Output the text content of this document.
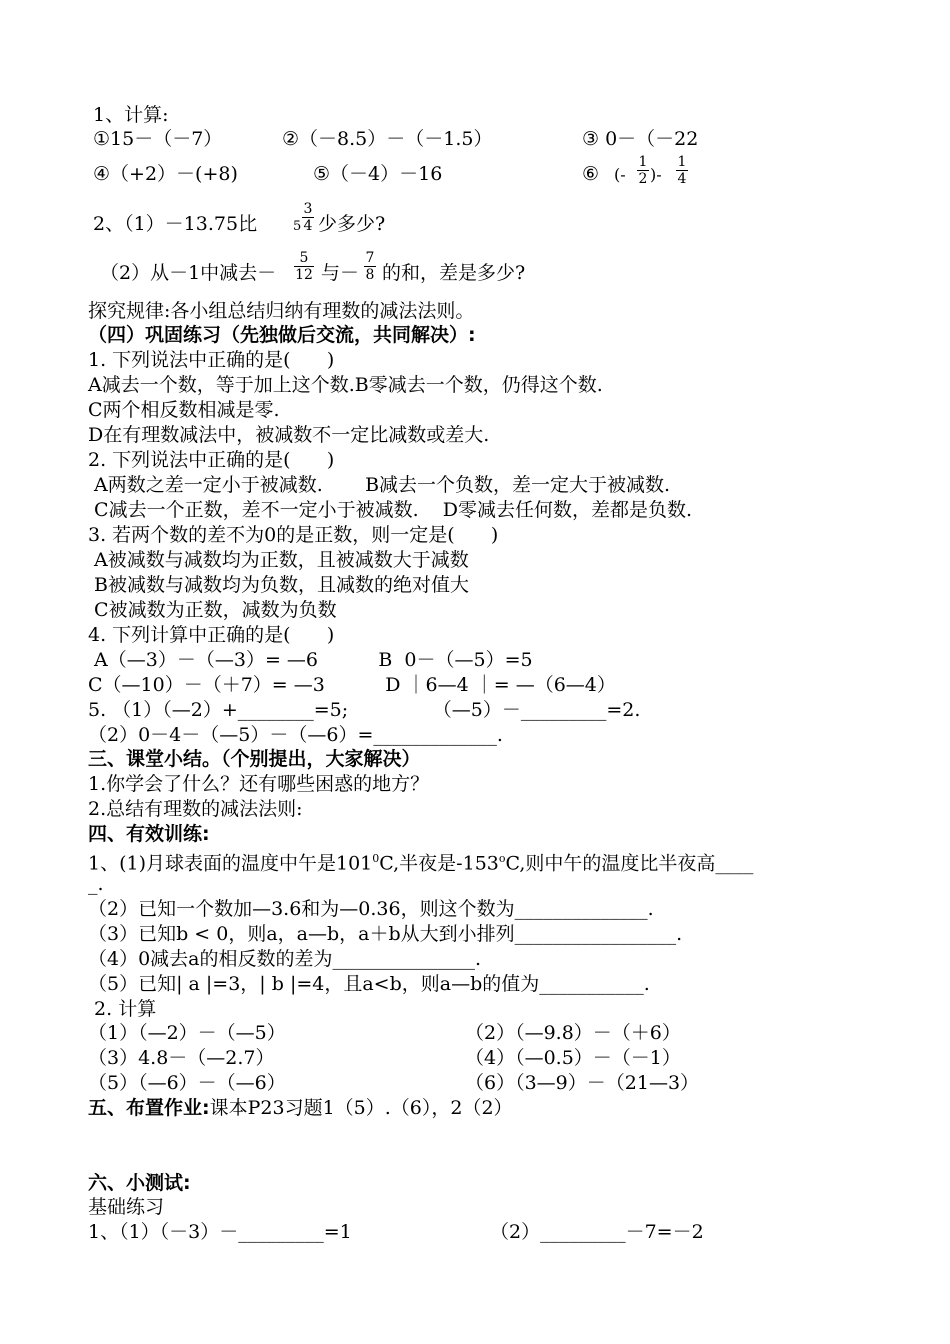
1、计算:
①15－（－7）	②（－8.5）－（－1.5）	③ 0－（－22
④（+2）－(+8)	⑤（－4）－16	⑥ (- $\frac{1}{2}$ )- $\frac{1}{4}$
2、（1）－13.75比	$5 \frac{3}{4}$ 少多少?
（2）从－1中减去－ $\frac{5}{12}$ 与－ $\frac{7}{8}$ 的和，差是多少?
探究规律:各小组总结归纳有理数的减法法则。
（四）巩固练习（先独做后交流，共同解决）:
1. 下列说法中正确的是(      )
A减去一个数，等于加上这个数.B零减去一个数，仍得这个数.
C两个相反数相减是零.
D在有理数减法中，被减数不一定比减数或差大.
2. 下列说法中正确的是(      )
A两数之差一定小于被减数.       B减去一个负数，差一定大于被减数.
C减去一个正数，差不一定小于被减数.    D零减去任何数，差都是负数.
3. 若两个数的差不为0的是正数，则一定是(      )
A被减数与减数均为正数，且被减数大于减数
B被减数与减数均为负数，且减数的绝对值大
C被减数为正数，减数为负数
4. 下列计算中正确的是(      )
A（—3）－（—3）= —6          B  0－（—5）=5
C（—10）－（＋7）= —3          D ｜6—4 ｜= —（6—4）
5. （1）（—2）+________=5;              （—5）－_________=2.
（2）0－4－（—5）－（—6）=_____________.
三、课堂小结。（个别提出，大家解决）
1.你学会了什么？还有哪些困惑的地方？
2.总结有理数的减法法则:
四、有效训练:
1、(1)月球表面的温度中午是$101^0C$,半夜是-153$^o$C,则中午的温度比半夜高____
_.
（2）已知一个数加—3.6和为—0.36，则这个数为______________.
（3）已知b < 0，则a，a—b，a＋b从大到小排列_________________.
（4）0减去a的相反数的差为_______________.
（5）已知| a |=3，| b |=4，且a<b，则a—b的值为___________.
2. 计算
（1）（—2）－（—5）	（2）（—9.8）－（＋6）
（3）4.8－（—2.7）	（4）（—0.5）－（－1）
（5）（—6）－（—6）	（6）（3—9）－（21—3）
五、布置作业:课本P23习题1（5）.（6），2（2）
六、小测试:
基础练习
1、（1）（－3）－_________=1	（2）_________－7=－2
